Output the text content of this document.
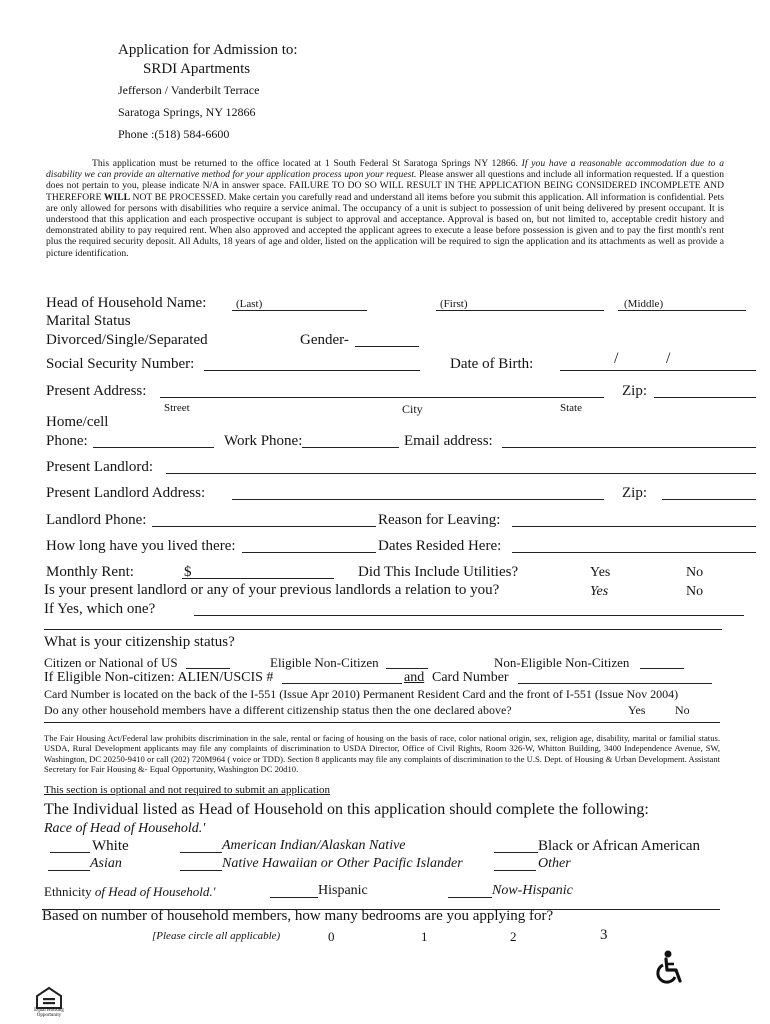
Application for Admission to:
SRDI Apartments
Jefferson / Vanderbilt Terrace
Saratoga Springs, NY 12866
Phone :(518) 584-6600
This application must be returned to the office located at 1 South Federal St Saratoga Springs NY 12866. If you have a reasonable accommodation due to a disability we can provide an alternative method for your application process upon your request. Please answer all questions and include all information requested. If a question does not pertain to you, please indicate N/A in answer space. FAILURE TO DO SO WILL RESULT IN THE APPLICATION BEING CONSIDERED INCOMPLETE AND THEREFORE WILL NOT BE PROCESSED. Make certain you carefully read and understand all items before you submit this application. All information is confidential. Pets are only allowed for persons with disabilities who require a service animal. The occupancy of a unit is subject to possession of unit being delivered by present occupant. It is understood that this application and each prospective occupant is subject to approval and acceptance. Approval is based on, but not limited to, acceptable credit history and demonstrated ability to pay required rent. When also approved and accepted the applicant agrees to execute a lease before possession is given and to pay the first month's rent plus the required security deposit. All Adults, 18 years of age and older, listed on the application will be required to sign the application and its attachments as well as provide a picture identification.
Head of Household Name:	(Last)	(First)	(Middle)
Marital Status
Divorced/Single/Separated	Gender-
Social Security Number:	Date of Birth:	/	/
Present Address:	Zip:
Street	City	State
Home/cell
Phone:	Work Phone:	Email address:
Present Landlord:
Present Landlord Address:	Zip:
Landlord Phone:	Reason for Leaving:
How long have you lived there:	Dates Resided Here:
Monthly Rent:	$	Did This Include Utilities?	Yes	No
Is your present landlord or any of your previous landlords a relation to you?	Yes	No
If Yes, which one?
What is your citizenship status?
Citizen or National of US	Eligible Non-Citizen	Non-Eligible Non-Citizen
If Eligible Non-citizen: ALIEN/USCIS #	and Card Number
Card Number is located on the back of the I-551 (Issue Apr 2010) Permanent Resident Card and the front of I-551 (Issue Nov 2004)
Do any other household members have a different citizenship status then the one declared above?	Yes No
The Fair Housing Act/Federal law prohibits discrimination in the sale, rental or facing of housing on the basis of race, color national origin, sex, religion age, disability, marital or familial status. USDA, Rural Development applicants may file any complaints of discrimination to USDA Director, Office of Civil Rights, Room 326-W, Whitton Building, 3400 Independence Avenue, SW, Washington, DC 20250-9410 or call (202) 720M964 ( voice or TDD). Section 8 applicants may file any complaints of discrimination to the U.S. Dept. of Housing & Urban Development. Assistant Secretary for Fair Housing &- Equal Opportunity, Washington DC 20d10.
This section is optional and not required to submit an application
The Individual listed as Head of Household on this application should complete the following:
Race of Head of Household.'
White	American Indian/Alaskan Native	Black or African American
Asian	Native Hawaiian or Other Pacific Islander	Other
Ethnicity of Head of Household.'	Hispanic	Now-Hispanic
Based on number of household members, how many bedrooms are you applying for?
[Please circle all applicable)	0	1	2	3
Equal Housing Opportunity
